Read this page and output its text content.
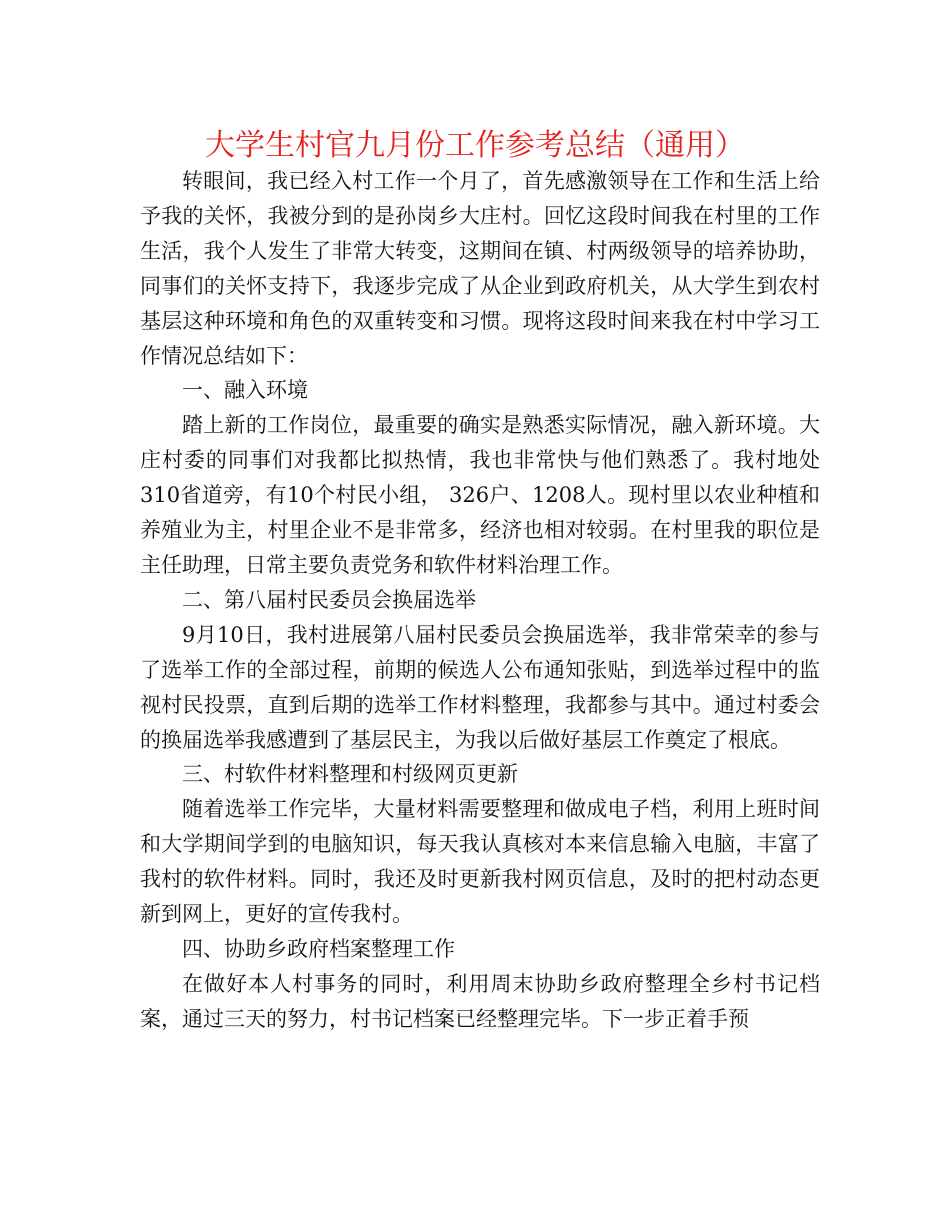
大学生村官九月份工作参考总结（通用）

转眼间，我已经入村工作一个月了，首先感激领导在工作和生活上给予我的关怀，我被分到的是孙岗乡大庄村。回忆这段时间我在村里的工作生活，我个人发生了非常大转变，这期间在镇、村两级领导的培养协助，同事们的关怀支持下，我逐步完成了从企业到政府机关，从大学生到农村基层这种环境和角色的双重转变和习惯。现将这段时间来我在村中学习工作情况总结如下：

一、融入环境

踏上新的工作岗位，最重要的确实是熟悉实际情况，融入新环境。大庄村委的同事们对我都比拟热情，我也非常快与他们熟悉了。我村地处310省道旁，有10个村民小组， 326户、1208人。现村里以农业种植和养殖业为主，村里企业不是非常多，经济也相对较弱。在村里我的职位是主任助理，日常主要负责党务和软件材料治理工作。

二、第八届村民委员会换届选举

9月10日，我村进展第八届村民委员会换届选举，我非常荣幸的参与了选举工作的全部过程，前期的候选人公布通知张贴，到选举过程中的监视村民投票，直到后期的选举工作材料整理，我都参与其中。通过村委会的换届选举我感遭到了基层民主，为我以后做好基层工作奠定了根底。

三、村软件材料整理和村级网页更新

随着选举工作完毕，大量材料需要整理和做成电子档，利用上班时间和大学期间学到的电脑知识，每天我认真核对本来信息输入电脑，丰富了我村的软件材料。同时，我还及时更新我村网页信息，及时的把村动态更新到网上，更好的宣传我村。

四、协助乡政府档案整理工作

在做好本人村事务的同时，利用周末协助乡政府整理全乡村书记档案，通过三天的努力，村书记档案已经整理完毕。下一步正着手预
